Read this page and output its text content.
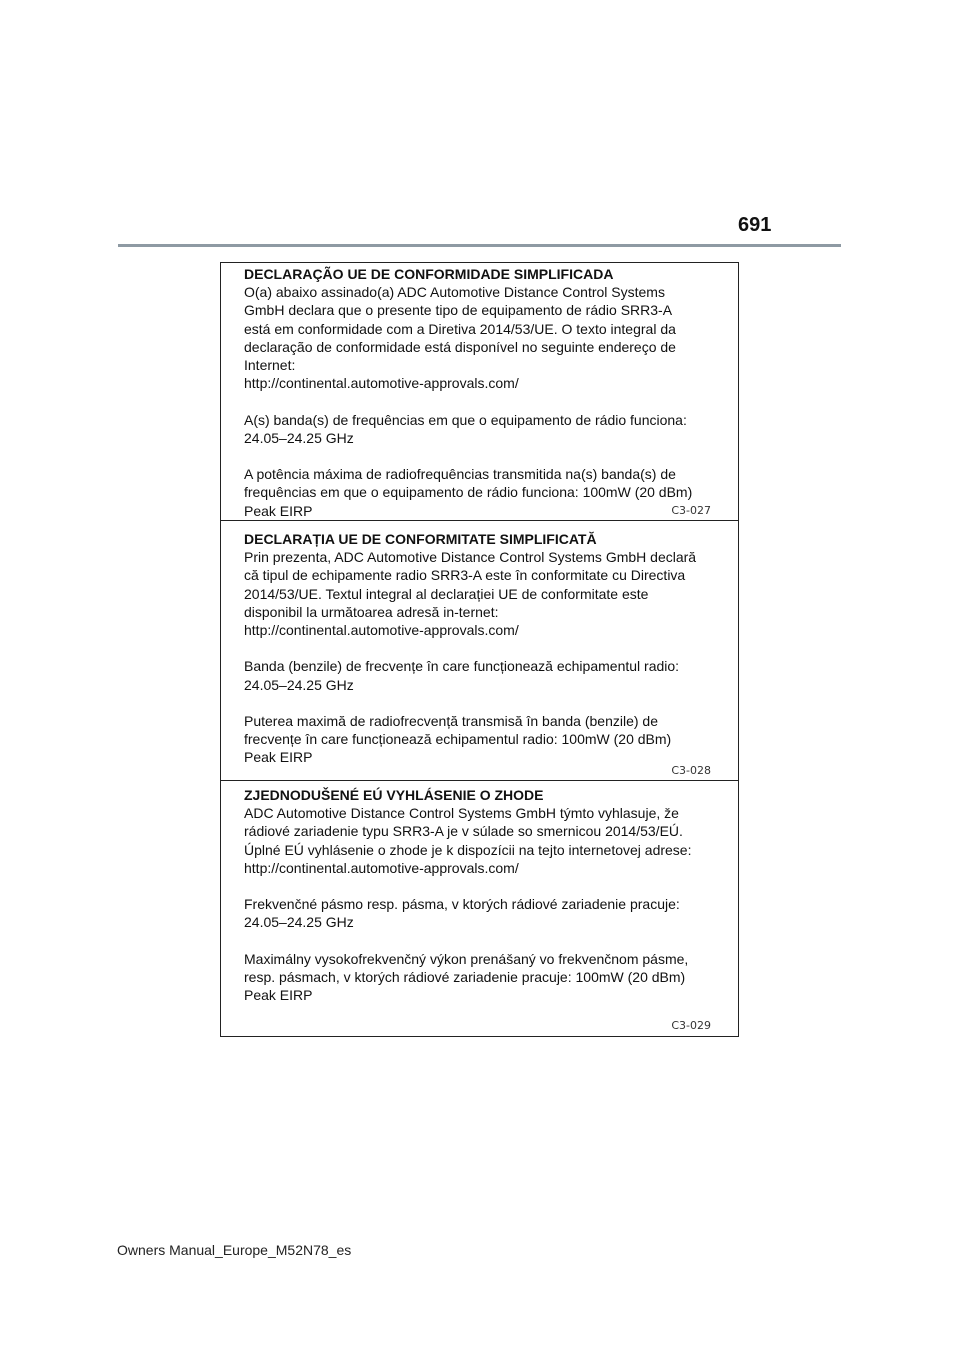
691
DECLARAÇÃO UE DE CONFORMIDADE SIMPLIFICADA
O(a) abaixo assinado(a) ADC Automotive Distance Control Systems
GmbH declara que o presente tipo de equipamento de rádio SRR3-A
está em conformidade com a Diretiva 2014/53/UE. O texto integral da
declaração de conformidade está disponível no seguinte endereço de
Internet:
http://continental.automotive-approvals.com/
A(s) banda(s) de frequências em que o equipamento de rádio funciona:
24.05–24.25 GHz
A potência máxima de radiofrequências transmitida na(s) banda(s) de
frequências em que o equipamento de rádio funciona: 100mW (20 dBm)
Peak EIRP	C3-027
DECLARAȚIA UE DE CONFORMITATE SIMPLIFICATĂ
Prin prezenta, ADC Automotive Distance Control Systems GmbH declară
că tipul de echipamente radio SRR3-A este în conformitate cu Directiva
2014/53/UE. Textul integral al declarației UE de conformitate este
disponibil la următoarea adresă in-ternet:
http://continental.automotive-approvals.com/
Banda (benzile) de frecvențe în care funcționează echipamentul radio:
24.05–24.25 GHz
Puterea maximă de radiofrecvență transmisă în banda (benzile) de
frecvențe în care funcționează echipamentul radio: 100mW (20 dBm)
Peak EIRP
C3-028
ZJEDNODUŠENÉ EÚ VYHLÁSENIE O ZHODE
ADC Automotive Distance Control Systems GmbH týmto vyhlasuje, že
rádiové zariadenie typu SRR3-A je v súlade so smernicou 2014/53/EÚ.
Úplné EÚ vyhlásenie o zhode je k dispozícii na tejto internetovej adrese:
http://continental.automotive-approvals.com/
Frekvenčné pásmo resp. pásma, v ktorých rádiové zariadenie pracuje:
24.05–24.25 GHz
Maximálny vysokofrekvenčný výkon prenášaný vo frekvenčnom pásme,
resp. pásmach, v ktorých rádiové zariadenie pracuje: 100mW (20 dBm)
Peak EIRP
C3-029
Owners Manual_Europe_M52N78_es
